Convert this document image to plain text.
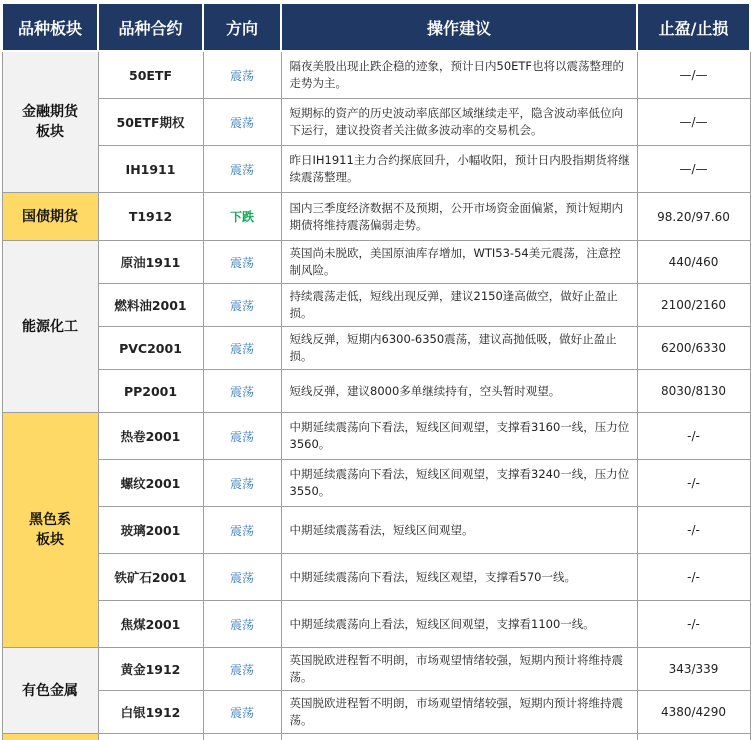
品种板块	品种合约	方向	操作建议	止盈/止损
金融期货
板块	50ETF	震荡	隔夜美股出现止跌企稳的迹象，预计日内50ETF也将以震荡整理的走势为主。	—/—
	50ETF期权	震荡	短期标的资产的历史波动率底部区域继续走平，隐含波动率低位向下运行，建议投资者关注做多波动率的交易机会。	—/—
	IH1911	震荡	昨日IH1911主力合约探底回升，小幅收阳，预计日内股指期货将继续震荡整理。	—/—
国债期货	T1912	下跌	国内三季度经济数据不及预期，公开市场资金面偏紧，预计短期内期债将维持震荡偏弱走势。	98.20/97.60
能源化工	原油1911	震荡	英国尚未脱欧，美国原油库存增加，WTI53-54美元震荡，注意控制风险。	440/460
	燃料油2001	震荡	持续震荡走低，短线出现反弹，建议2150逢高做空，做好止盈止损。	2100/2160
	PVC2001	震荡	短线反弹，短期内6300-6350震荡，建议高抛低吸，做好止盈止损。	6200/6330
	PP2001	震荡	短线反弹，建议8000多单继续持有，空头暂时观望。	8030/8130
黑色系
板块	热卷2001	震荡	中期延续震荡向下看法，短线区间观望，支撑看3160一线，压力位3560。	-/-
	螺纹2001	震荡	中期延续震荡向下看法，短线区间观望，支撑看3240一线，压力位3550。	-/-
	玻璃2001	震荡	中期延续震荡看法，短线区间观望。	-/-
	铁矿石2001	震荡	中期延续震荡向下看法，短线区观望，支撑看570一线。	-/-
	焦煤2001	震荡	中期延续震荡向上看法，短线区间观望，支撑看1100一线。	-/-
有色金属	黄金1912	震荡	英国脱欧进程暂不明朗，市场观望情绪较强，短期内预计将维持震荡。	343/339
	白银1912	震荡	英国脱欧进程暂不明朗，市场观望情绪较强，短期内预计将维持震荡。	4380/4290
